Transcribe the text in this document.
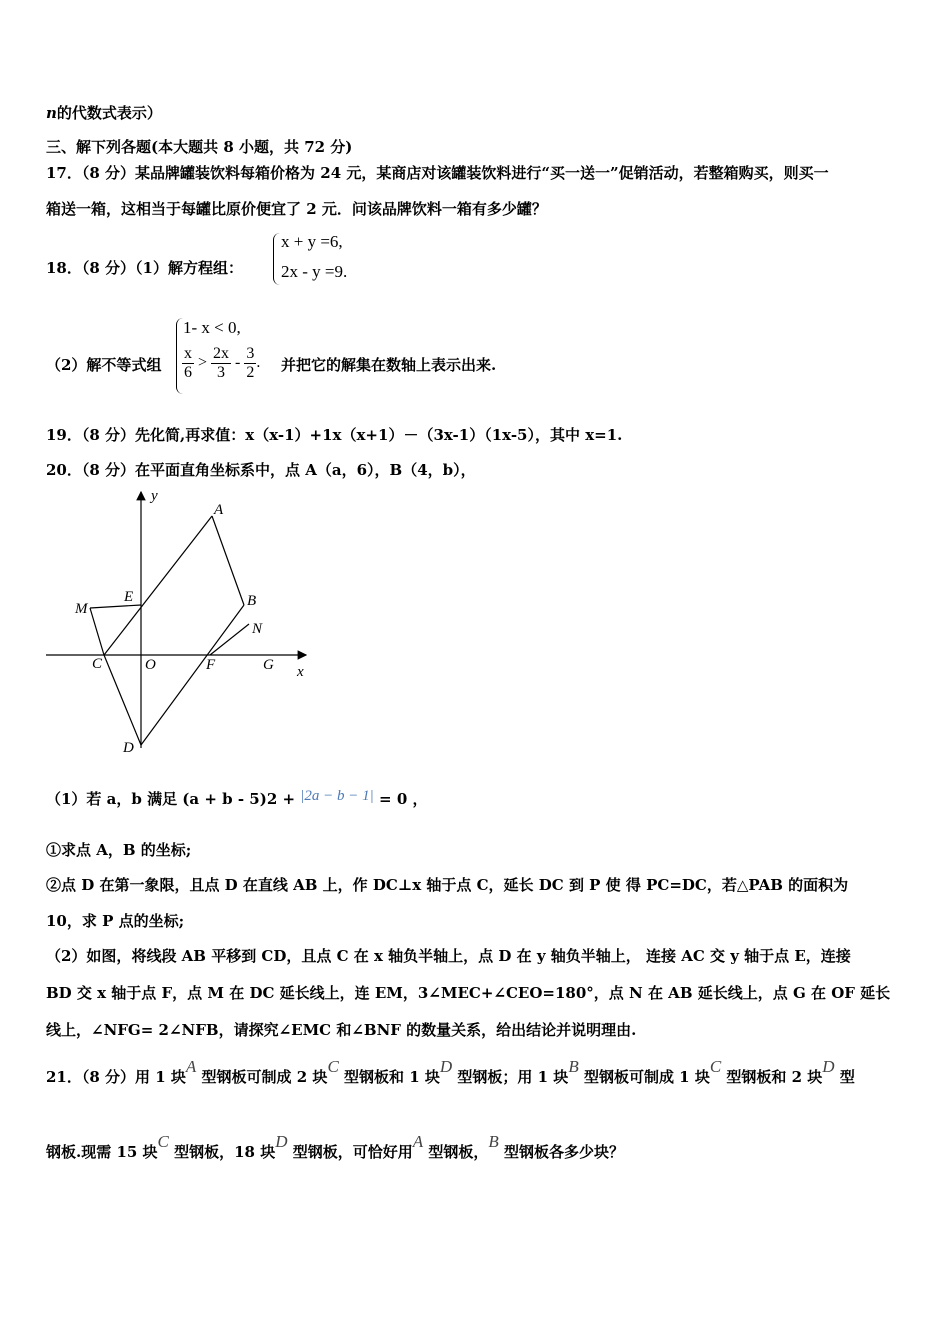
n的代数式表示）
三、解下列各题(本大题共 8 小题，共 72 分)
17．（8 分）某品牌罐装饮料每箱价格为 24 元，某商店对该罐装饮料进行“买一送一”促销活动，若整箱购买，则买一
箱送一箱，这相当于每罐比原价便宜了 2 元．问该品牌饮料一箱有多少罐？
18．（8 分）（1）解方程组：
x + y =6,
2x - y =9.
（2）解不等式组
1- x < 0,
$\frac{x}{6} > \frac{2x}{3} - \frac{3}{2}$ . 并把它的解集在数轴上表示出来.
19．（8 分）先化简,再求值：x（x-1）+1x（x+1）－（3x-1）（1x-5），其中 x=1.
20．（8 分）在平面直角坐标系中，点 A（a，6），B（4，b），
y
x
A
B
N
M
E
C	O	F	G
D
（1）若 a，b 满足 (a + b - 5)2 + |2a − b − 1| = 0 ，
①求点 A，B 的坐标;
②点 D 在第一象限，且点 D 在直线 AB 上，作 DC⊥x 轴于点 C，延长 DC 到 P 使 得 PC=DC，若△PAB 的面积为
10，求 P 点的坐标;
（2）如图，将线段 AB 平移到 CD，且点 C 在 x 轴负半轴上，点 D 在 y 轴负半轴上， 连接 AC 交 y 轴于点 E，连接
BD 交 x 轴于点 F，点 M 在 DC 延长线上，连 EM，3∠MEC+∠CEO=180°，点 N 在 AB 延长线上，点 G 在 OF 延长
线上，∠NFG= 2∠NFB，请探究∠EMC 和∠BNF 的数量关系，给出结论并说明理由.
21．（8 分）用 1 块A 型钢板可制成 2 块C 型钢板和 1 块D 型钢板；用 1 块B 型钢板可制成 1 块C 型钢板和 2 块D 型
钢板.现需 15 块C 型钢板，18 块D 型钢板，可恰好用A 型钢板，B 型钢板各多少块？
